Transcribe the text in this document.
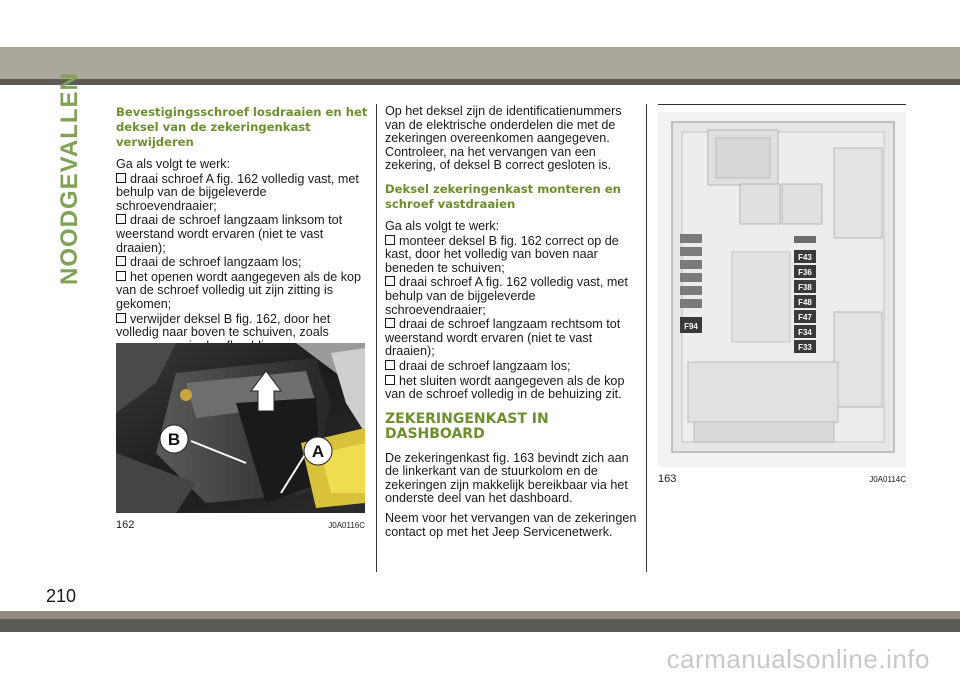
NOODGEVALLEN	Bevestigingsschroef losdraaien en het deksel van de zekeringenkast verwijderen

Ga als volgt te werk:

draai schroef A fig. 162 volledig vast, met behulp van de bijgeleverde schroevendraaier;
draai de schroef langzaam linksom tot weerstand wordt ervaren (niet te vast draaien);
draai de schroef langzaam los;
het openen wordt aangegeven als de kop van de schroef volledig uit zijn zitting is gekomen;
verwijder deksel B fig. 162, door het volledig naar boven te schuiven, zoals
B
A
162	J0A0116C

Op het deksel zijn de identificatienummers van de elektrische onderdelen die met de zekeringen overeenkomen aangegeven. Controleer, na het vervangen van een zekering, of deksel B correct gesloten is.

Deksel zekeringenkast monteren en schroef vastdraaien

Ga als volgt te werk:

monteer deksel B fig. 162 correct op de kast, door het volledig van boven naar beneden te schuiven;
draai schroef A fig. 162 volledig vast, met behulp van de bijgeleverde schroevendraaier;
draai de schroef langzaam rechtsom tot weerstand wordt ervaren (niet te vast draaien);
draai de schroef langzaam los;
het sluiten wordt aangegeven als de kop van de schroef volledig in de behuizing zit.
ZEKERINGENKAST IN
DASHBOARD

De zekeringenkast fig. 163 bevindt zich aan de linkerkant van de stuurkolom en de zekeringen zijn makkelijk bereikbaar via het onderste deel van het dashboard.

Neem voor het vervangen van de zekeringen contact op met het Jeep Servicenetwerk.

F94
F43
F36
F38
F48
F47
F34
F33
163	J0A0114C
210
carmanualsonline.info
